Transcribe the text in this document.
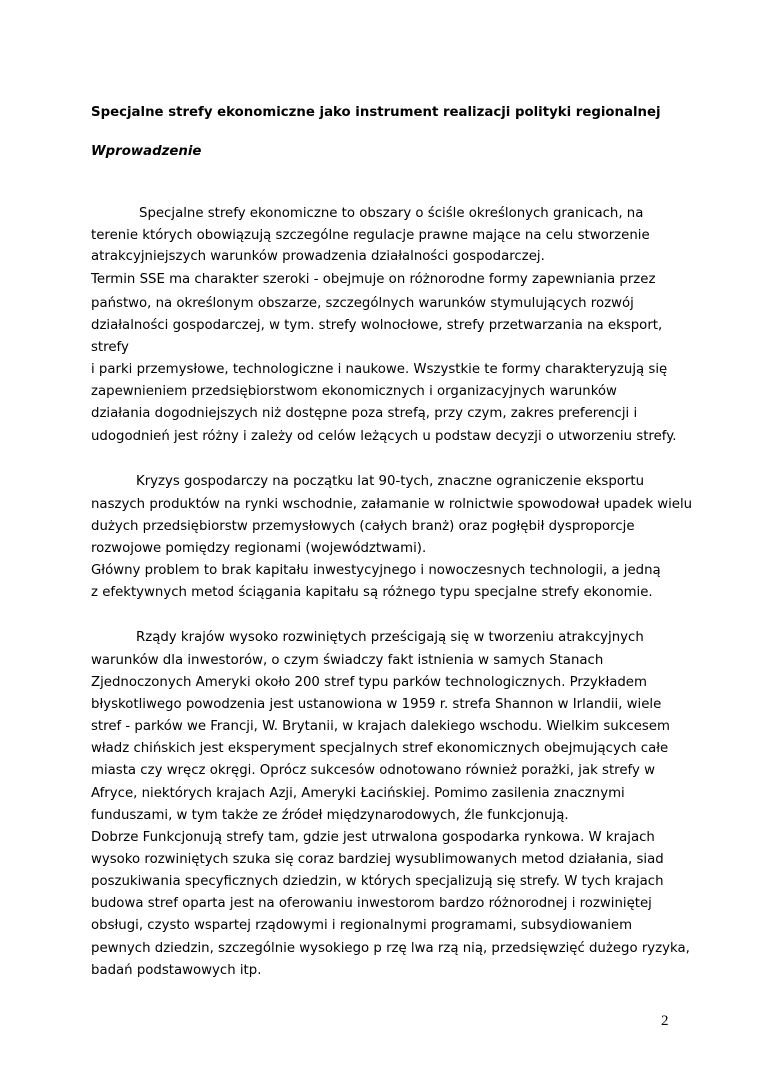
Specjalne strefy ekonomiczne jako instrument realizacji polityki regionalnej
Wprowadzenie
Specjalne strefy ekonomiczne to obszary o ściśle określonych granicach, na
terenie których obowiązują szczególne regulacje prawne mające na celu stworzenie
atrakcyjniejszych warunków prowadzenia działalności gospodarczej.
Termin SSE ma charakter szeroki - obejmuje on różnorodne formy zapewniania przez
państwo, na określonym obszarze, szczególnych warunków stymulujących rozwój
działalności gospodarczej, w tym. strefy wolnocłowe, strefy przetwarzania na eksport,
strefy
i parki przemysłowe, technologiczne i naukowe. Wszystkie te formy charakteryzują się
zapewnieniem przedsiębiorstwom ekonomicznych i organizacyjnych warunków
działania dogodniejszych niż dostępne poza strefą, przy czym, zakres preferencji i
udogodnień jest różny i zależy od celów leżących u podstaw decyzji o utworzeniu strefy.
Kryzys gospodarczy na początku lat 90-tych, znaczne ograniczenie eksportu
naszych produktów na rynki wschodnie, załamanie w rolnictwie spowodował upadek wielu
dużych przedsiębiorstw przemysłowych (całych branż) oraz pogłębił dysproporcje
rozwojowe pomiędzy regionami (województwami).
Główny problem to brak kapitału inwestycyjnego i nowoczesnych technologii, a jedną
z efektywnych metod ściągania kapitału są różnego typu specjalne strefy ekonomie.
Rządy krajów wysoko rozwiniętych prześcigają się w tworzeniu atrakcyjnych
warunków dla inwestorów, o czym świadczy fakt istnienia w samych Stanach
Zjednoczonych Ameryki około 200 stref typu parków technologicznych. Przykładem
błyskotliwego powodzenia jest ustanowiona w 1959 r. strefa Shannon w Irlandii, wiele
stref - parków we Francji, W. Brytanii, w krajach dalekiego wschodu. Wielkim sukcesem
władz chińskich jest eksperyment specjalnych stref ekonomicznych obejmujących całe
miasta czy wręcz okręgi. Oprócz sukcesów odnotowano również porażki, jak strefy w
Afryce, niektórych krajach Azji, Ameryki Łacińskiej. Pomimo zasilenia znacznymi
funduszami, w tym także ze źródeł międzynarodowych, źle funkcjonują.
Dobrze Funkcjonują strefy tam, gdzie jest utrwalona gospodarka rynkowa. W krajach
wysoko rozwiniętych szuka się coraz bardziej wysublimowanych metod działania, siad
poszukiwania specyficznych dziedzin, w których specjalizują się strefy. W tych krajach
budowa stref oparta jest na oferowaniu inwestorom bardzo różnorodnej i rozwiniętej
obsługi, czysto wspartej rządowymi i regionalnymi programami, subsydiowaniem
pewnych dziedzin, szczególnie wysokiego p rzę lwa rzą nią, przedsięwzięć dużego ryzyka,
badań podstawowych itp.
2
